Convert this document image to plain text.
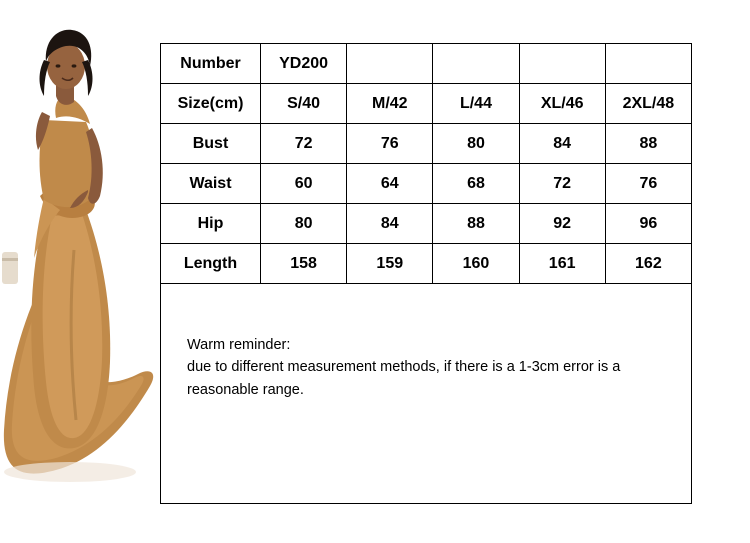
Number	YD200				
Size(cm)	S/40	M/42	L/44	XL/46	2XL/48
Bust	72	76	80	84	88
Waist	60	64	68	72	76
Hip	80	84	88	92	96
Length	158	159	160	161	162
Warm reminder:
due to different measurement methods, if there is a 1-3cm error is a
reasonable range.
